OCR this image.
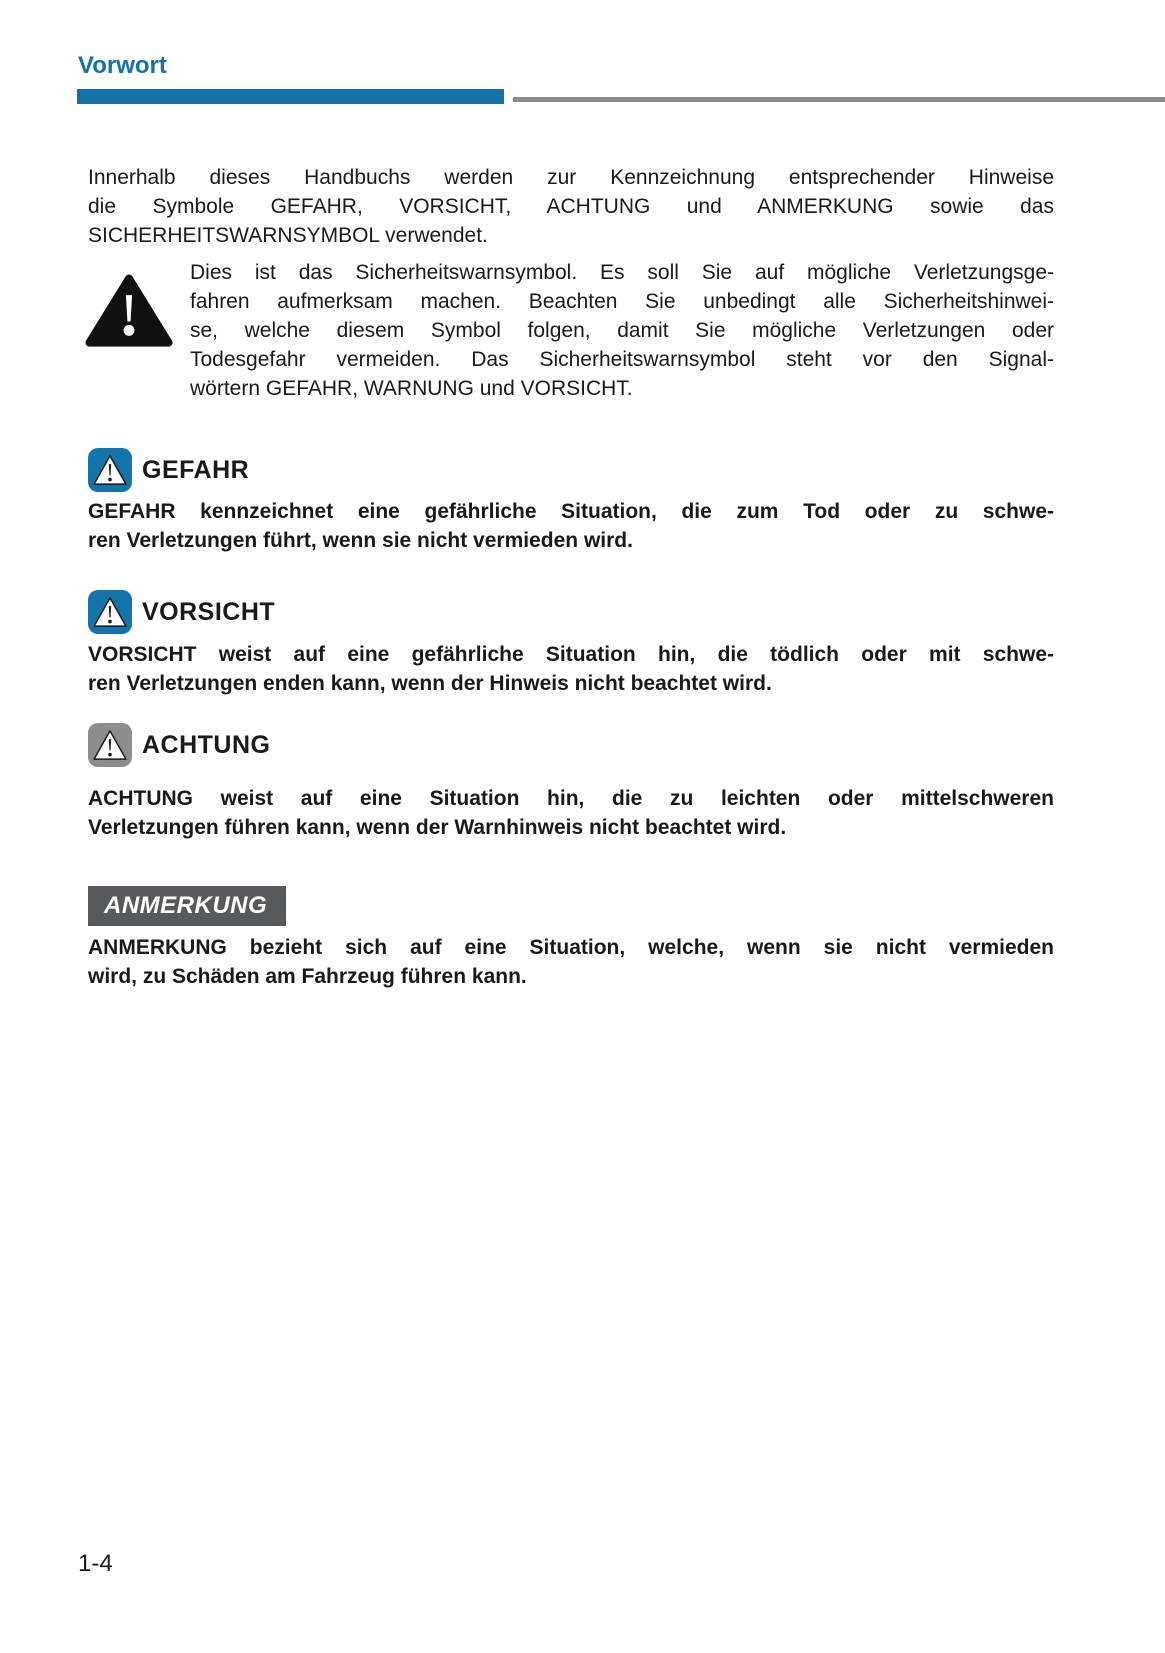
Vorwort
Innerhalb dieses Handbuchs werden zur Kennzeichnung entsprechender Hinweise
die Symbole GEFAHR, VORSICHT, ACHTUNG und ANMERKUNG sowie das
SICHERHEITSWARNSYMBOL verwendet.
Dies ist das Sicherheitswarnsymbol. Es soll Sie auf mögliche Verletzungsge-
fahren aufmerksam machen. Beachten Sie unbedingt alle Sicherheitshinwei-
se, welche diesem Symbol folgen, damit Sie mögliche Verletzungen oder
Todesgefahr vermeiden. Das Sicherheitswarnsymbol steht vor den Signal-
wörtern GEFAHR, WARNUNG und VORSICHT.
GEFAHR
GEFAHR kennzeichnet eine gefährliche Situation, die zum Tod oder zu schwe-
ren Verletzungen führt, wenn sie nicht vermieden wird.
VORSICHT
VORSICHT weist auf eine gefährliche Situation hin, die tödlich oder mit schwe-
ren Verletzungen enden kann, wenn der Hinweis nicht beachtet wird.
ACHTUNG
ACHTUNG weist auf eine Situation hin, die zu leichten oder mittelschweren
Verletzungen führen kann, wenn der Warnhinweis nicht beachtet wird.
ANMERKUNG
ANMERKUNG bezieht sich auf eine Situation, welche, wenn sie nicht vermieden
wird, zu Schäden am Fahrzeug führen kann.
1-4
